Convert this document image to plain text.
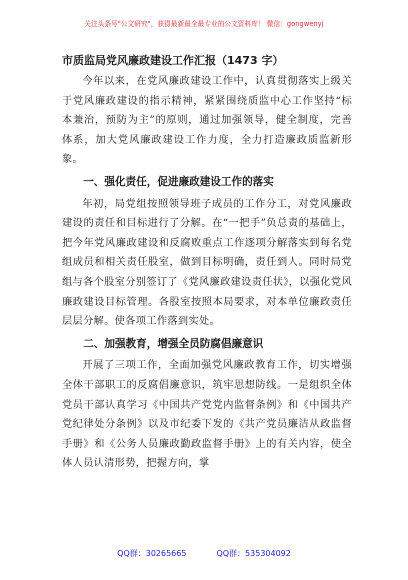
关注头条号"公文研究"，获得最新最全最专业的公文资料库！ 微信：gongwenyj
市质监局党风廉政建设工作汇报（1473 字）

今年以来，在党风廉政建设工作中，认真贯彻落实上级关于党风廉政建设的指示精神，紧紧围绕质监中心工作坚持“标本兼治，预防为主”的原则，通过加强领导，健全制度，完善体系，加大党风廉政建设工作力度，全力打造廉政质监新形象。

一、强化责任，促进廉政建设工作的落实

年初，局党组按照领导班子成员的工作分工，对党风廉政建设的责任和目标进行了分解。在“一把手”负总责的基础上，把今年党风廉政建设和反腐败重点工作逐项分解落实到每名党组成员和相关责任股室，做到目标明确，责任到人。同时局党组与各个股室分别签订了《党风廉政建设责任状》，以强化党风廉政建设目标管理。各股室按照本局要求，对本单位廉政责任层层分解。使各项工作落到实处。

二、加强教育，增强全员防腐倡廉意识

开展了三项工作，全面加强党风廉政教育工作，切实增强全体干部职工的反腐倡廉意识，筑牢思想防线。一是组织全体党员干部认真学习《中国共产党党内监督条例》和《中国共产党纪律处分条例》以及市纪委下发的《共产党员廉洁从政监督手册》和《公务人员廉政勤政监督手册》上的有关内容，使全体人员认清形势，把握方向，掌

QQ群：30265665	QQ群：535304092
